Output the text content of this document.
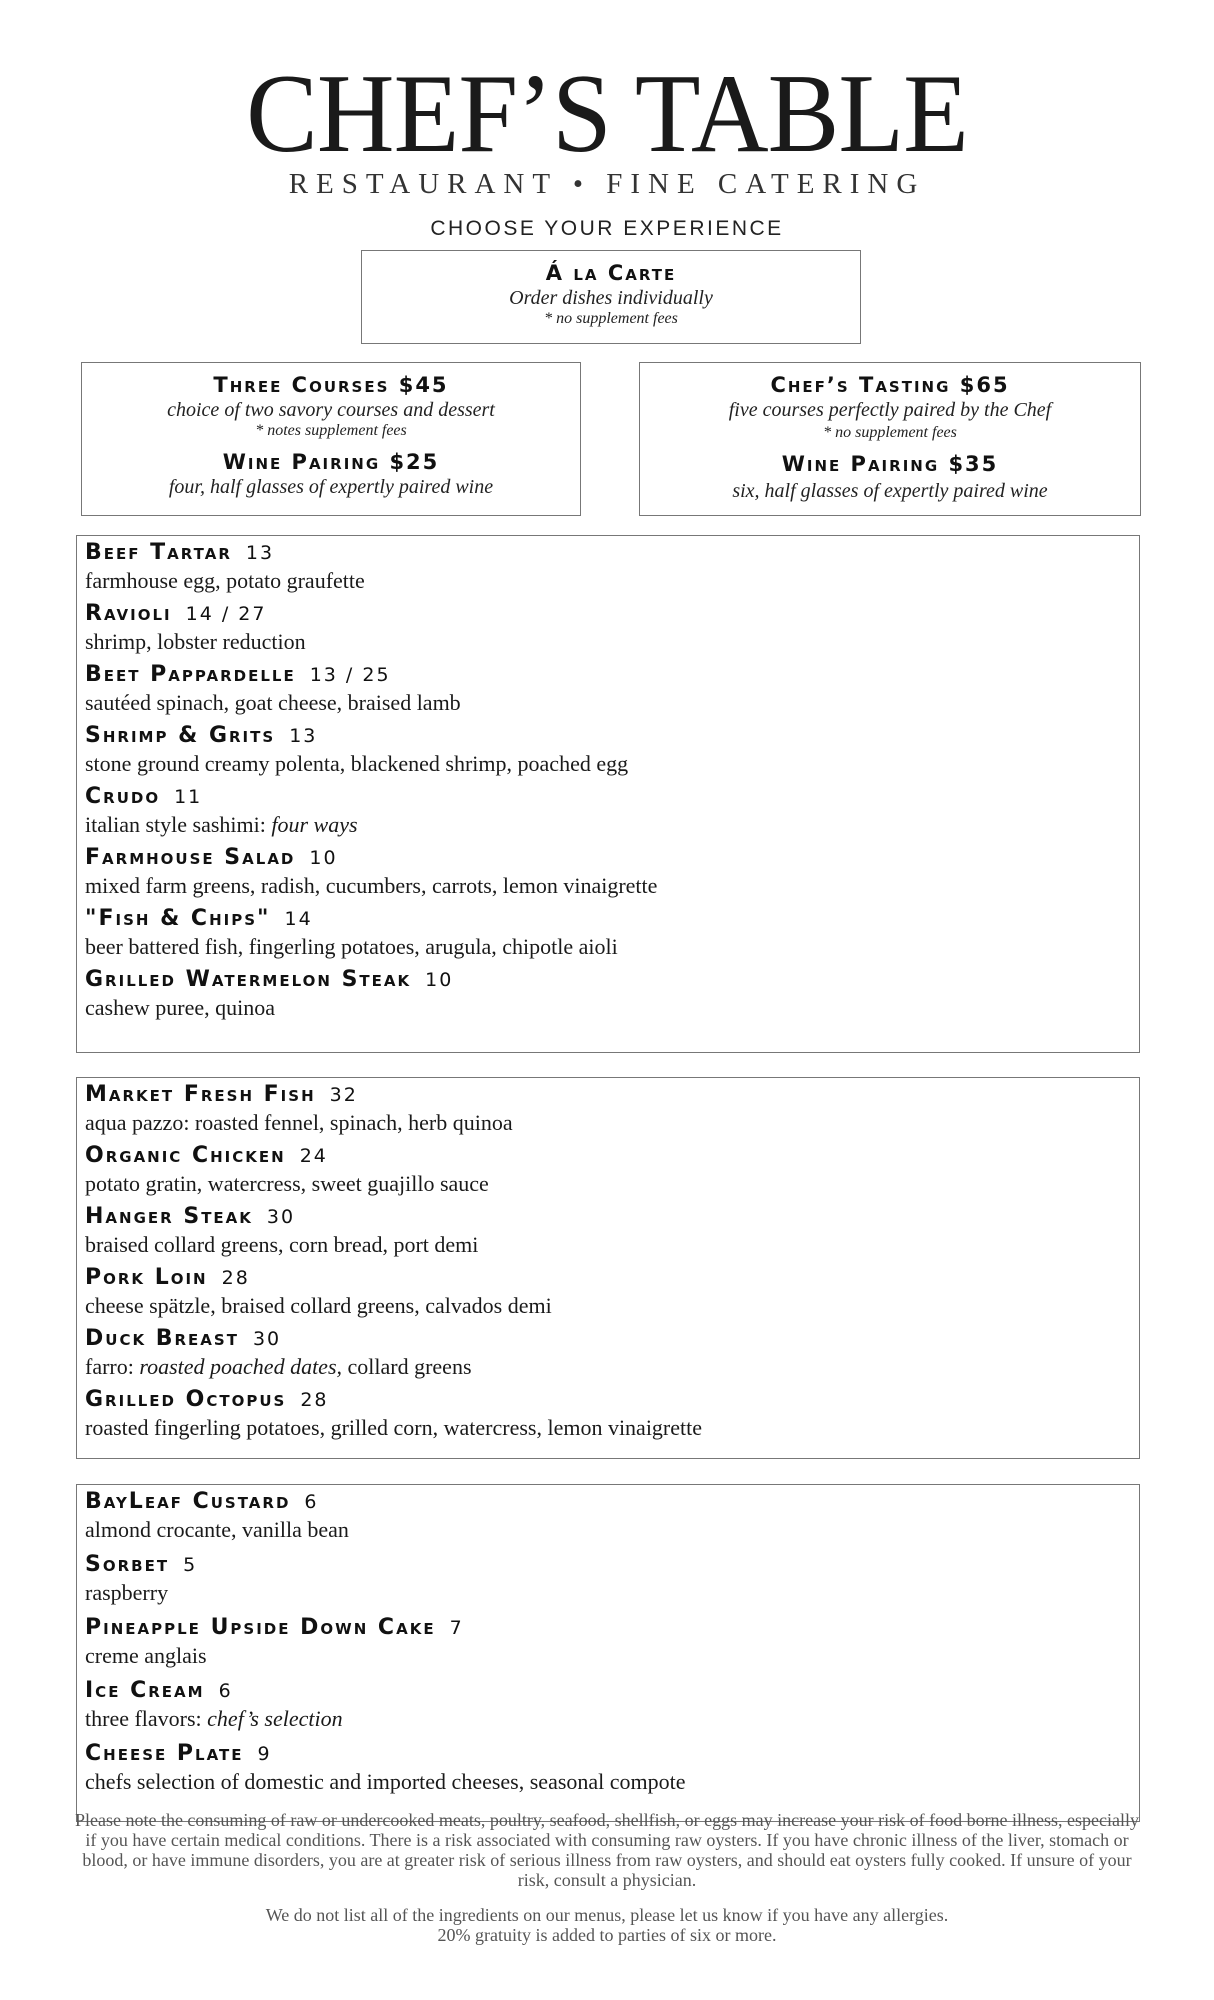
CHEF’S TABLE
RESTAURANT • FINE CATERING
CHOOSE YOUR EXPERIENCE
Á la Carte
Order dishes individually
* no supplement fees
Three Courses $45
choice of two savory courses and dessert
* notes supplement fees
Wine Pairing $25
four, half glasses of expertly paired wine
Chef’s Tasting $65
five courses perfectly paired by the Chef
* no supplement fees
Wine Pairing $35
six, half glasses of expertly paired wine
Beef Tartar 13
farmhouse egg, potato graufette
Ravioli 14 / 27
shrimp, lobster reduction
Beet Pappardelle 13 / 25
sautéed spinach, goat cheese, braised lamb
Shrimp & Grits 13
stone ground creamy polenta, blackened shrimp, poached egg
Crudo 11
italian style sashimi: four ways
Farmhouse Salad 10
mixed farm greens, radish, cucumbers, carrots, lemon vinaigrette
"Fish & Chips" 14
beer battered fish, fingerling potatoes, arugula, chipotle aioli
Grilled Watermelon Steak 10
cashew puree, quinoa
Market Fresh Fish 32
aqua pazzo: roasted fennel, spinach, herb quinoa
Organic Chicken 24
potato gratin, watercress, sweet guajillo sauce
Hanger Steak 30
braised collard greens, corn bread, port demi
Pork Loin 28
cheese spätzle, braised collard greens, calvados demi
Duck Breast 30
farro: roasted poached dates, collard greens
Grilled Octopus 28
roasted fingerling potatoes, grilled corn, watercress, lemon vinaigrette
BayLeaf Custard 6
almond crocante, vanilla bean
Sorbet 5
raspberry
Pineapple Upside Down Cake 7
creme anglais
Ice Cream 6
three flavors: chef’s selection
Cheese Plate 9
chefs selection of domestic and imported cheeses, seasonal compote
Please note the consuming of raw or undercooked meats, poultry, seafood, shellfish, or eggs may increase your risk of food borne illness, especially if you have certain medical conditions. There is a risk associated with consuming raw oysters. If you have chronic illness of the liver, stomach or blood, or have immune disorders, you are at greater risk of serious illness from raw oysters, and should eat oysters fully cooked. If unsure of your risk, consult a physician.
We do not list all of the ingredients on our menus, please let us know if you have any allergies.
20% gratuity is added to parties of six or more.
